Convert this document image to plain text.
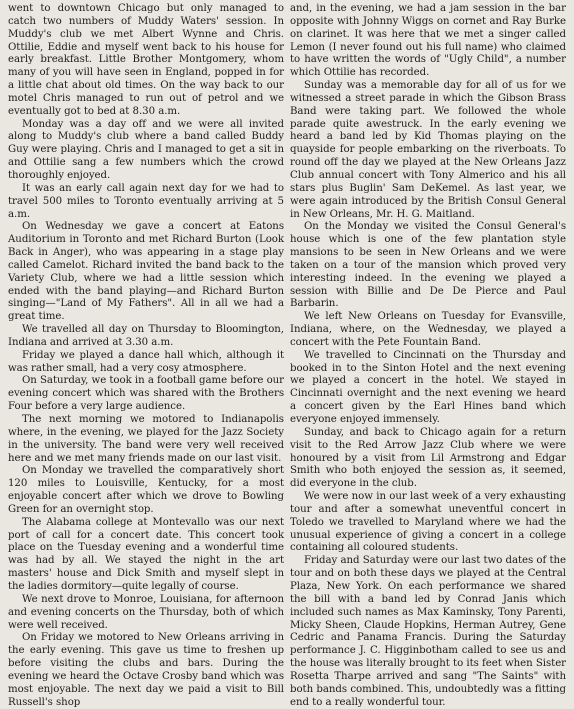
went to downtown Chicago but only managed to catch two numbers of Muddy Waters' session. In Muddy's club we met Albert Wynne and Chris. Ottilie, Eddie and myself went back to his house for early breakfast. Little Brother Montgomery, whom many of you will have seen in England, popped in for a little chat about old times. On the way back to our motel Chris managed to run out of petrol and we eventually got to bed at 8.30 a.m.

Monday was a day off and we were all invited along to Muddy's club where a band called Buddy Guy were playing. Chris and I managed to get a sit in and Ottilie sang a few numbers which the crowd thoroughly enjoyed.

It was an early call again next day for we had to travel 500 miles to Toronto eventually arriving at 5 a.m.

On Wednesday we gave a concert at Eatons Auditorium in Toronto and met Richard Burton (Look Back in Anger), who was appearing in a stage play called Camelot. Richard invited the band back to the Variety Club, where we had a little session which ended with the band playing—and Richard Burton singing—"Land of My Fathers". All in all we had a great time.

We travelled all day on Thursday to Bloomington, Indiana and arrived at 3.30 a.m.

Friday we played a dance hall which, although it was rather small, had a very cosy atmosphere.

On Saturday, we took in a football game before our evening concert which was shared with the Brothers Four before a very large audience.

The next morning we motored to Indianapolis where, in the evening, we played for the Jazz Society in the university. The band were very well received here and we met many friends made on our last visit.

On Monday we travelled the comparatively short 120 miles to Louisville, Kentucky, for a most enjoyable concert after which we drove to Bowling Green for an overnight stop.

The Alabama college at Montevallo was our next port of call for a concert date. This concert took place on the Tuesday evening and a wonderful time was had by all. We stayed the night in the art masters' house and Dick Smith and myself slept in the ladies dormitory—quite legally of course.

We next drove to Monroe, Louisiana, for afternoon and evening concerts on the Thursday, both of which were well received.

On Friday we motored to New Orleans arriving in the early evening. This gave us time to freshen up before visiting the clubs and bars. During the evening we heard the Octave Crosby band which was most enjoyable. The next day we paid a visit to Bill Russell's shop

and, in the evening, we had a jam session in the bar opposite with Johnny Wiggs on cornet and Ray Burke on clarinet. It was here that we met a singer called Lemon (I never found out his full name) who claimed to have written the words of "Ugly Child", a number which Ottilie has recorded.

Sunday was a memorable day for all of us for we witnessed a street parade in which the Gibson Brass Band were taking part. We followed the whole parade quite awestruck. In the early evening we heard a band led by Kid Thomas playing on the quayside for people embarking on the riverboats. To round off the day we played at the New Orleans Jazz Club annual concert with Tony Almerico and his all stars plus Buglin' Sam DeKemel. As last year, we were again introduced by the British Consul General in New Orleans, Mr. H. G. Maitland.

On the Monday we visited the Consul General's house which is one of the few plantation style mansions to be seen in New Orleans and we were taken on a tour of the mansion which proved very interesting indeed. In the evening we played a session with Billie and De De Pierce and Paul Barbarin.

We left New Orleans on Tuesday for Evansville, Indiana, where, on the Wednesday, we played a concert with the Pete Fountain Band.

We travelled to Cincinnati on the Thursday and booked in to the Sinton Hotel and the next evening we played a concert in the hotel. We stayed in Cincinnati overnight and the next evening we heard a concert given by the Earl Hines band which everyone enjoyed immensely.

Sunday, and back to Chicago again for a return visit to the Red Arrow Jazz Club where we were honoured by a visit from Lil Armstrong and Edgar Smith who both enjoyed the session as, it seemed, did everyone in the club.

We were now in our last week of a very exhausting tour and after a somewhat uneventful concert in Toledo we travelled to Maryland where we had the unusual experience of giving a concert in a college containing all coloured students.

Friday and Saturday were our last two dates of the tour and on both these days we played at the Central Plaza, New York. On each performance we shared the bill with a band led by Conrad Janis which included such names as Max Kaminsky, Tony Parenti, Micky Sheen, Claude Hopkins, Herman Autrey, Gene Cedric and Panama Francis. During the Saturday performance J. C. Higginbotham called to see us and the house was literally brought to its feet when Sister Rosetta Tharpe arrived and sang "The Saints" with both bands combined. This, undoubtedly was a fitting end to a really wonderful tour.
